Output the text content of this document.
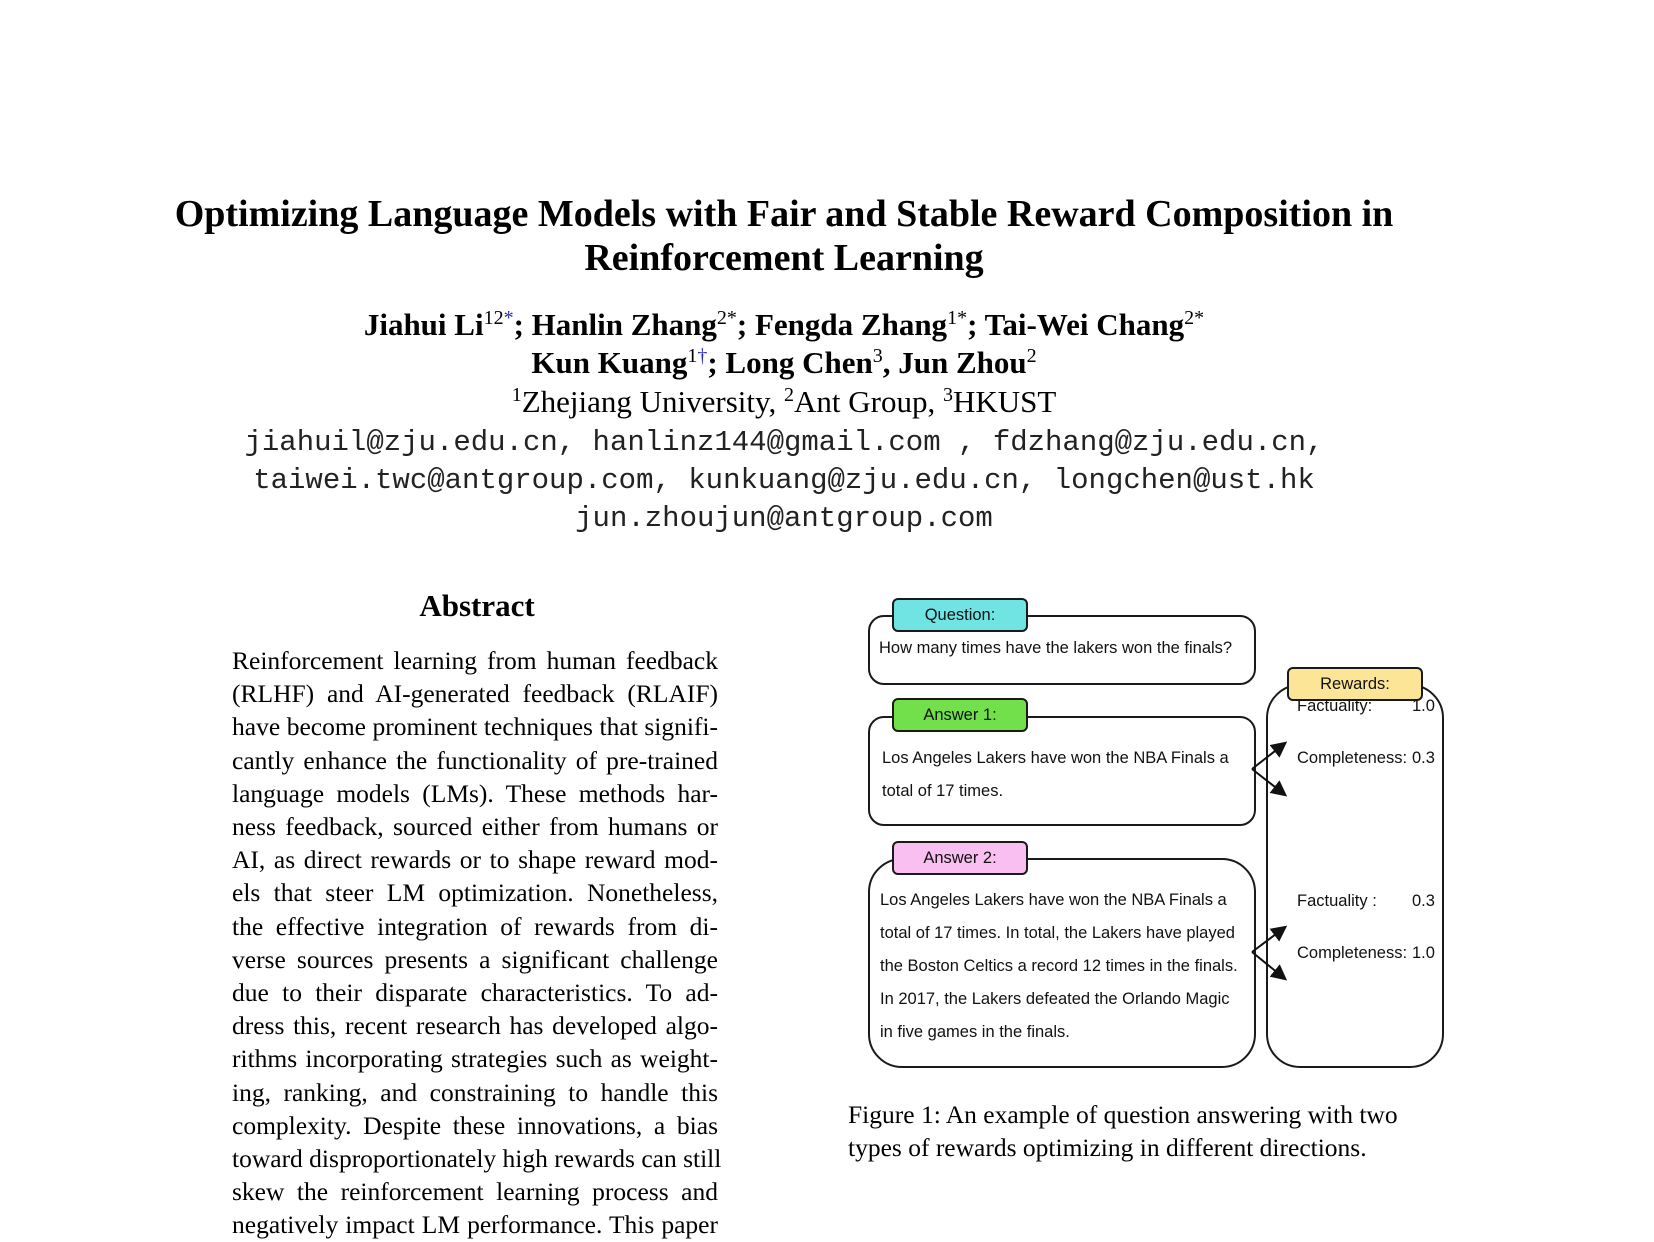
Optimizing Language Models with Fair and Stable Reward Composition in
Reinforcement Learning
Jiahui $Li^{12*}$; Hanlin Zhang$^{2*}$; Fengda Zhang$^{1*}$; Tai-Wei Chang$^{2*}$
Kun Kuang$^{1\dagger}$; Long Chen$^3$, Jun Zhou$^2$
$^1$Zhejiang University, $^2$Ant Group, $^3$HKUST
jiahuil@zju.edu.cn, hanlinz144@gmail.com , fdzhang@zju.edu.cn,
taiwei.twc@antgroup.com, kunkuang@zju.edu.cn, longchen@ust.hk
jun.zhoujun@antgroup.com
Abstract
Reinforcement learning from human feedback
(RLHF) and AI-generated feedback (RLAIF)
have become prominent techniques that signifi-
cantly enhance the functionality of pre-trained
language models (LMs). These methods har-
ness feedback, sourced either from humans or
AI, as direct rewards or to shape reward mod-
els that steer LM optimization. Nonetheless,
the effective integration of rewards from di-
verse sources presents a significant challenge
due to their disparate characteristics. To ad-
dress this, recent research has developed algo-
rithms incorporating strategies such as weight-
ing, ranking, and constraining to handle this
complexity. Despite these innovations, a bias
toward disproportionately high rewards can still
skew the reinforcement learning process and
negatively impact LM performance. This paper
How many times have the lakers won the finals?
Question:
Los Angeles Lakers have won the NBA Finals a
total of 17 times.
Answer 1:
Los Angeles Lakers have won the NBA Finals a
total of 17 times. In total, the Lakers have played
the Boston Celtics a record 12 times in the finals.
In 2017, the Lakers defeated the Orlando Magic
in five games in the finals.
Answer 2:
Rewards:
Factuality: 1.0
Completeness: 0.3
Factuality : 0.3
Completeness: 1.0
Figure 1: An example of question answering with two
types of rewards optimizing in different directions.
